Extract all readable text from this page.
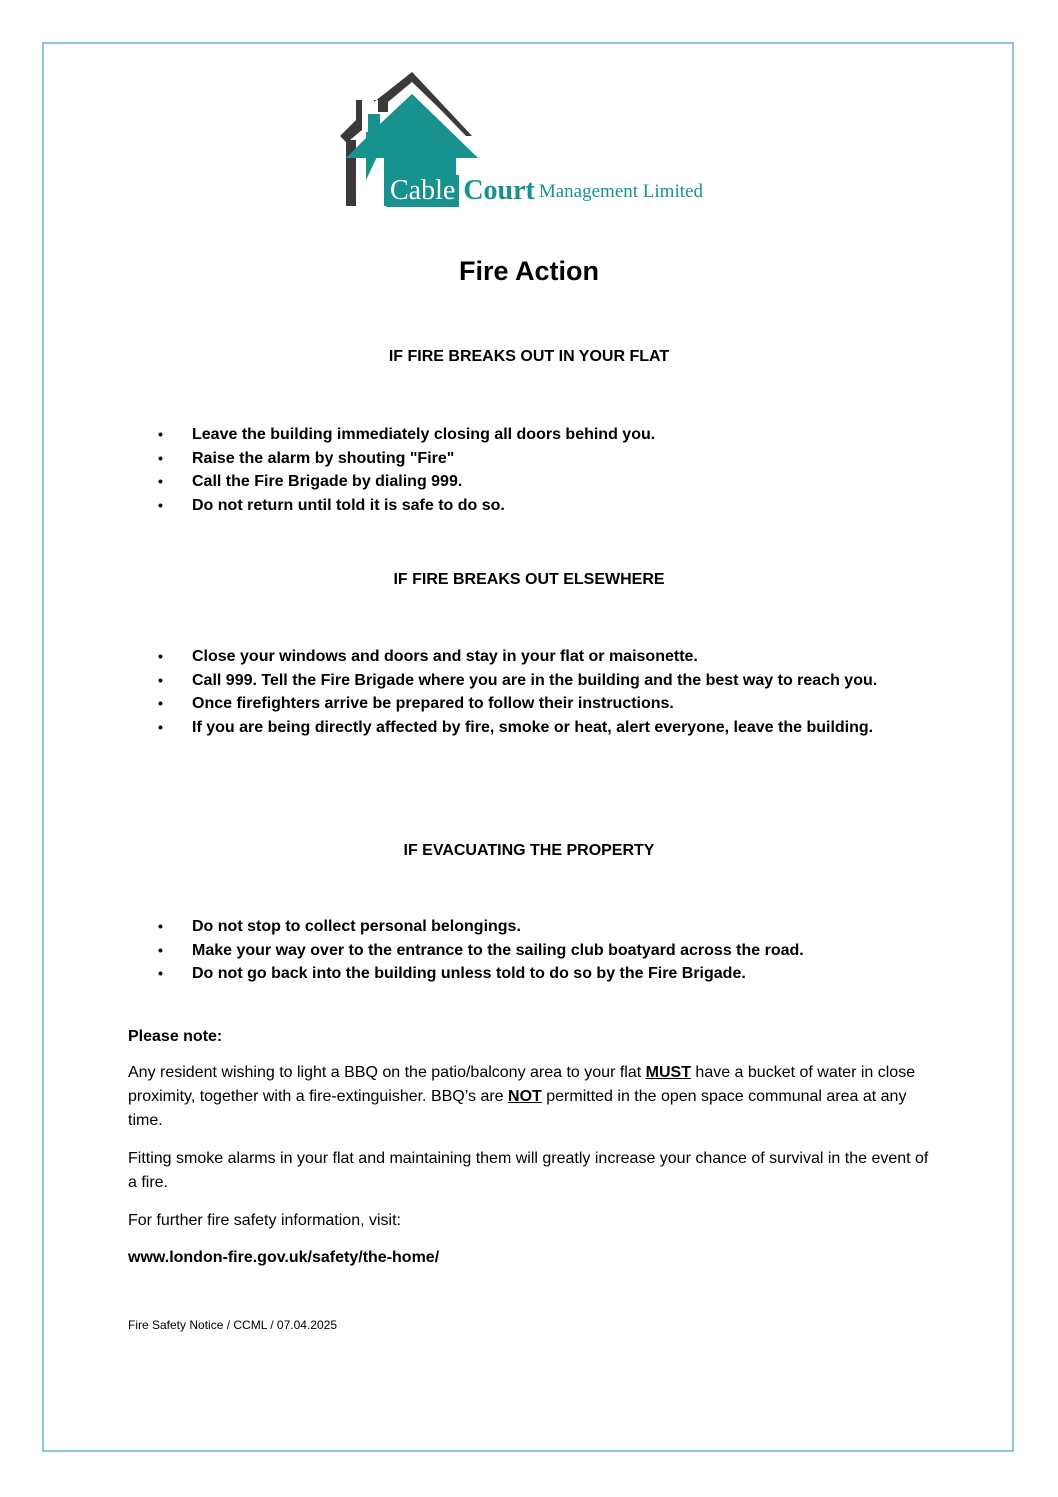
Cable Court Management Limited
Fire Action
IF FIRE BREAKS OUT IN YOUR FLAT
• Leave the building immediately closing all doors behind you.
• Raise the alarm by shouting "Fire"
• Call the Fire Brigade by dialing 999.
• Do not return until told it is safe to do so.
IF FIRE BREAKS OUT ELSEWHERE
• Close your windows and doors and stay in your flat or maisonette.
• Call 999. Tell the Fire Brigade where you are in the building and the best way to reach you.
• Once firefighters arrive be prepared to follow their instructions.
• If you are being directly affected by fire, smoke or heat, alert everyone, leave the building.
IF EVACUATING THE PROPERTY
• Do not stop to collect personal belongings.
• Make your way over to the entrance to the sailing club boatyard across the road.
• Do not go back into the building unless told to do so by the Fire Brigade.
Please note:
Any resident wishing to light a BBQ on the patio/balcony area to your flat MUST have a bucket of water in close proximity, together with a fire-extinguisher. BBQ’s are NOT permitted in the open space communal area at any time.
Fitting smoke alarms in your flat and maintaining them will greatly increase your chance of survival in the event of a fire.
For further fire safety information, visit:
www.london-fire.gov.uk/safety/the-home/
Fire Safety Notice / CCML / 07.04.2025
